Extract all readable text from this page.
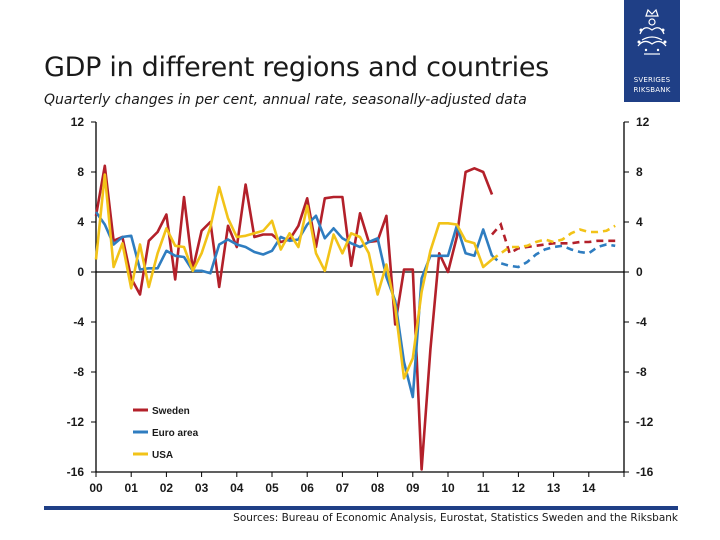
GDP in different regions and countries
Quarterly changes in per cent, annual rate, seasonally-adjusted data
SVERIGES
RIKSBANK
12
8
4
0
-4
-8
-12
-16
12
8
4
0
-4
-8
-12
-16
00 01 02 03 04 05 06 07 08 09 10 11 12 13 14
Sweden
Euro area
USA
Sources: Bureau of Economic Analysis, Eurostat, Statistics Sweden and the Riksbank
